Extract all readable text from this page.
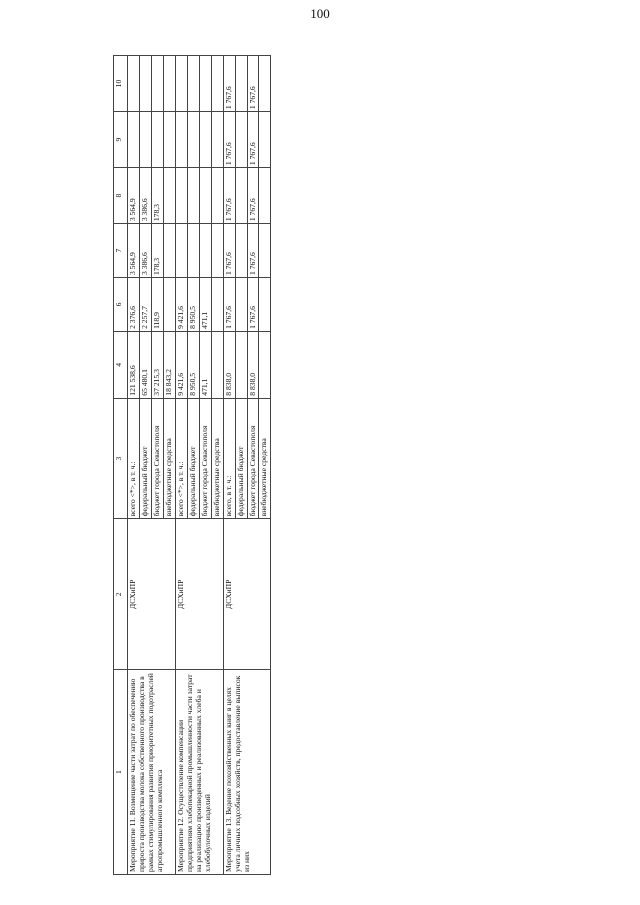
100
1	2	3	4	6	7	8	9	10
Мероприятие 11. Возмещение части затрат по обеспечению прироста производства молока собственного производства в рамках стимулирования развития приоритетных подотраслей агропромышленного комплекса	ДСХиПР	всего <*>, в т. ч.:	121 538,6	2 376,6	3 564,9	3 564,9		
		федеральный бюджет	65 480,1	2 257,7	3 386,6	3 386,6		
		бюджет города Севастополя	37 215,3	118,9	178,3	178,3		
		внебюджетные средства	18 843,2					
Мероприятие 12. Осуществление компенсации предприятиям хлебопекарной промышленности части затрат на реализацию произведенных и реализованных хлеба и хлебобулочных изделий	ДСХиПР	всего <*>, в т. ч.:	9 421,6	9 421,6				
		федеральный бюджет	8 950,5	8 950,5				
		бюджет города Севастополя	471,1	471,1				
		внебюджетные средства						
Мероприятие 13. Ведение похозяйственных книг в целях учета личных подсобных хозяйств, предоставление выписок из них	ДСХиПР	всего, в т. ч.:	8 838,0	1 767,6	1 767,6	1 767,6	1 767,6	1 767,6
		федеральный бюджет						
		бюджет города Севастополя	8 838,0	1 767,6	1 767,6	1 767,6	1 767,6	1 767,6
		внебюджетные средства						
